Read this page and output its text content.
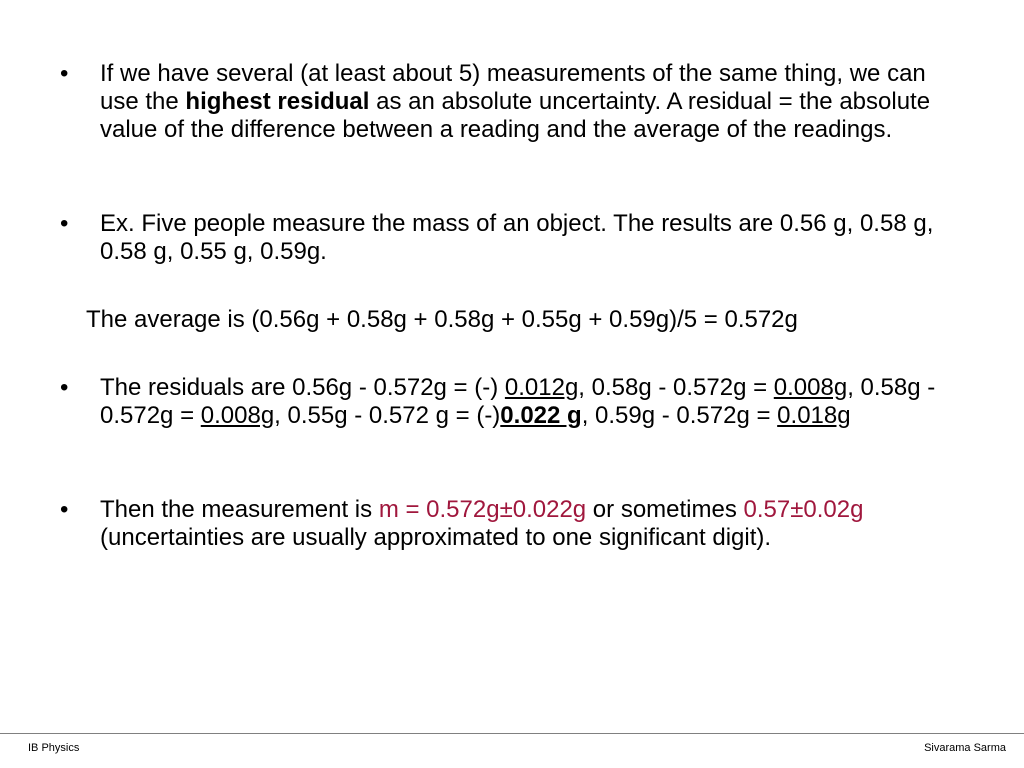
• If we have several (at least about 5) measurements of the same thing, we can use the highest residual as an absolute uncertainty. A residual = the absolute value of the difference between a reading and the average of the readings.
• Ex. Five people measure the mass of an object. The results are 0.56 g, 0.58 g, 0.58 g, 0.55 g, 0.59g.
The average is (0.56g + 0.58g + 0.58g + 0.55g + 0.59g)/5 = 0.572g
• The residuals are 0.56g - 0.572g = (-) 0.012g, 0.58g - 0.572g = 0.008g, 0.58g - 0.572g = 0.008g, 0.55g - 0.572 g = (-)0.022 g, 0.59g - 0.572g = 0.018g
• Then the measurement is m = 0.572g±0.022g or sometimes 0.57±0.02g (uncertainties are usually approximated to one significant digit).
IB Physics	Sivarama Sarma
